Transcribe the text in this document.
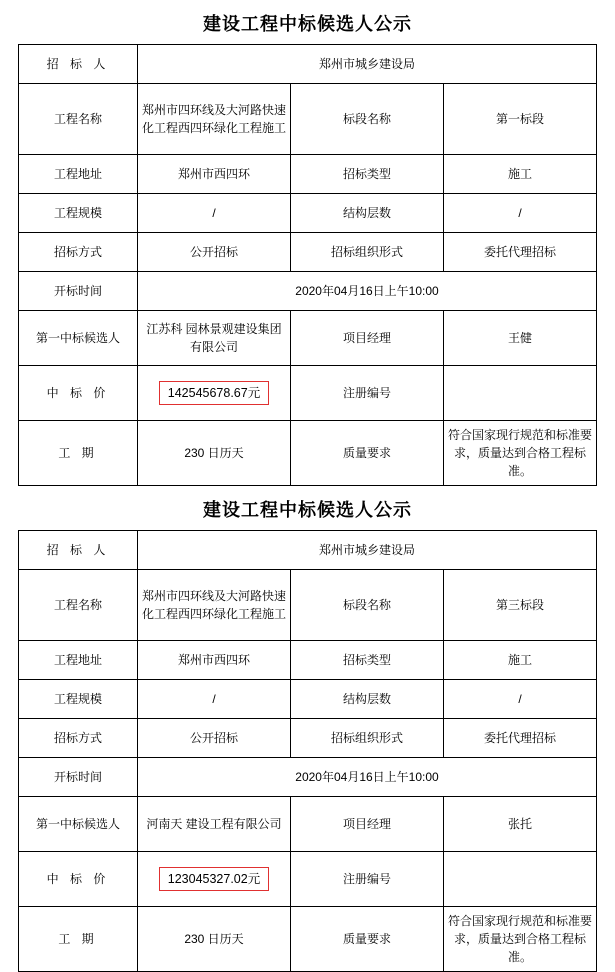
建设工程中标候选人公示
招 标 人	郑州市城乡建设局		
工程名称	郑州市四环线及大河路快速化工程西四环绿化工程施工	标段名称	第一标段
工程地址	郑州市西四环	招标类型	施工
工程规模	/	结构层数	/
招标方式	公开招标	招标组织形式	委托代理招标
开标时间	2020年04月16日上午10:00		
第一中标候选人	江苏科 园林景观建设集团有限公司	项目经理	王健
中 标 价	142545678.67元	注册编号	
工 期	230 日历天	质量要求	符合国家现行规范和标准要求，质量达到合格工程标准。
建设工程中标候选人公示
招 标 人	郑州市城乡建设局		
工程名称	郑州市四环线及大河路快速化工程西四环绿化工程施工	标段名称	第三标段
工程地址	郑州市西四环	招标类型	施工
工程规模	/	结构层数	/
招标方式	公开招标	招标组织形式	委托代理招标
开标时间	2020年04月16日上午10:00		
第一中标候选人	河南天 建设工程有限公司	项目经理	张托
中 标 价	123045327.02元	注册编号	
工 期	230 日历天	质量要求	符合国家现行规范和标准要求，质量达到合格工程标准。
